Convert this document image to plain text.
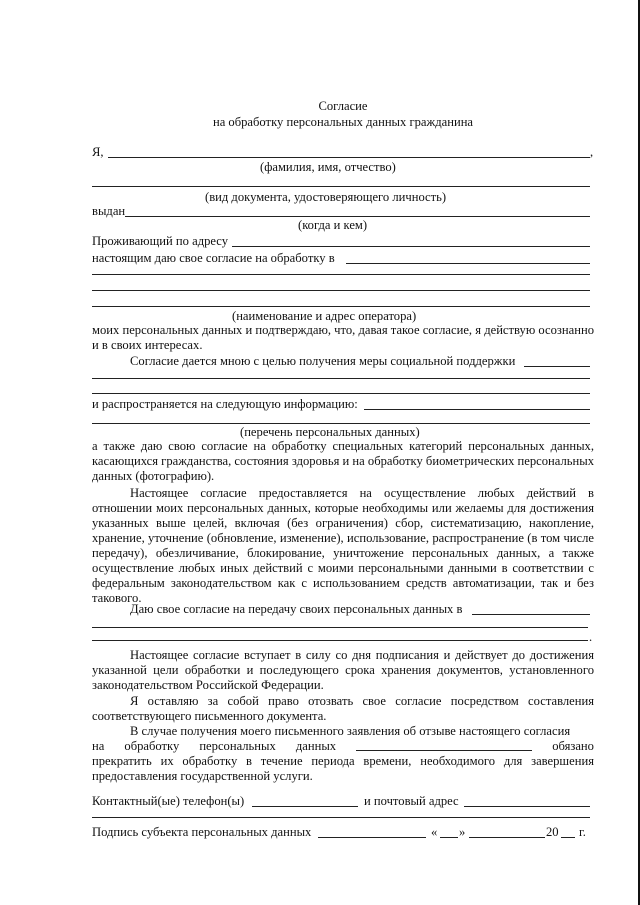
Согласие
на обработку персональных данных гражданина
Я,	,
(фамилия, имя, отчество)
(вид документа, удостоверяющего личность)
выдан
(когда и кем)
Проживающий по адресу
настоящим даю свое согласие на обработку в
(наименование и адрес оператора)
моих персональных данных и подтверждаю, что, давая такое согласие, я действую осознанно и в своих интересах.
Согласие дается мною с целью получения меры социальной поддержки
и распространяется на следующую информацию:
(перечень персональных данных)
а также даю свою согласие на обработку специальных категорий персональных данных, касающихся гражданства, состояния здоровья и на обработку биометрических персональных данных (фотографию).
Настоящее согласие предоставляется на осуществление любых действий в отношении моих персональных данных, которые необходимы или желаемы для достижения указанных выше целей, включая (без ограничения) сбор, систематизацию, накопление, хранение, уточнение (обновление, изменение), использование, распространение (в том числе передачу), обезличивание, блокирование, уничтожение персональных данных, а также осуществление любых иных действий с моими персональными данными в соответствии с федеральным законодательством как с использованием средств автоматизации, так и без такового.
Даю свое согласие на передачу своих персональных данных в
.
Настоящее согласие вступает в силу со дня подписания и действует до достижения указанной цели обработки и последующего срока хранения документов, установленного законодательством Российской Федерации.
Я оставляю за собой право отозвать свое согласие посредством составления соответствующего письменного документа.
В случае получения моего письменного заявления об отзыве настоящего согласия
на обработку персональных данных	обязано
прекратить их обработку в течение периода времени, необходимого для завершения предоставления государственной услуги.
Контактный(ые) телефон(ы)	и почтовый адрес
Подпись субъекта персональных данных	« »	20 г.
